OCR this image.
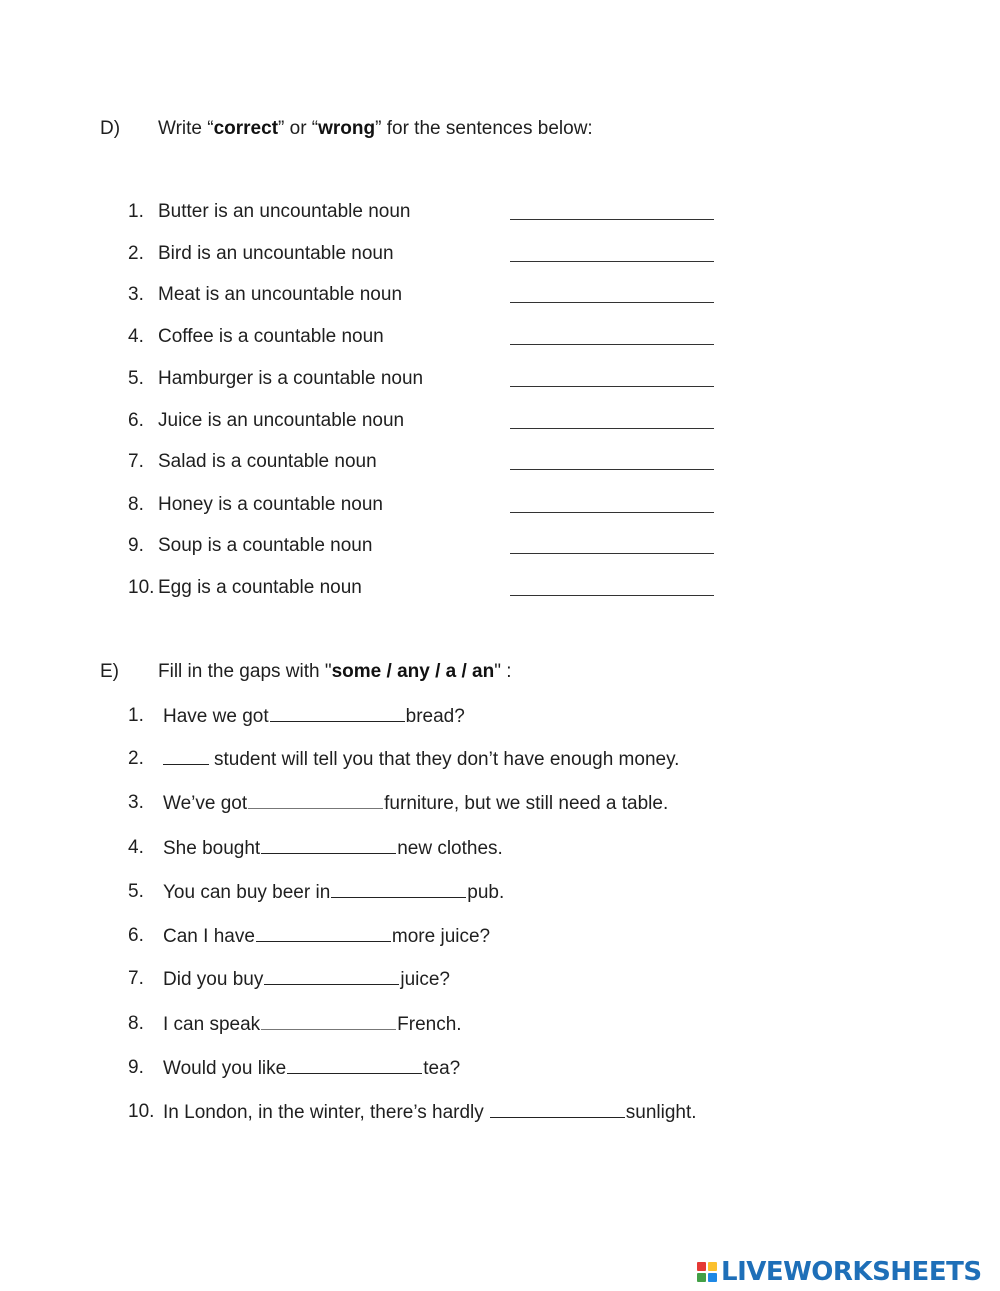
D) Write “correct” or “wrong” for the sentences below:
1. Butter is an uncountable noun
2. Bird is an uncountable noun
3. Meat is an uncountable noun
4. Coffee is a countable noun
5. Hamburger is a countable noun
6. Juice is an uncountable noun
7. Salad is a countable noun
8. Honey is a countable noun
9. Soup is a countable noun
10. Egg is a countable noun
E) Fill in the gaps with "some / any / a / an" :
1.	Have we got	bread?
2.	student will tell you that they don’t have enough money.
3.	We’ve got	furniture, but we still need a table.
4.	She bought	new clothes.
5.	You can buy beer in	pub.
6.	Can I have	more juice?
7.	Did you buy	juice?
8.	I can speak	French.
9.	Would you like	tea?
10. In London, in the winter, there’s hardly	sunlight.
LIVEWORKSHEETS
